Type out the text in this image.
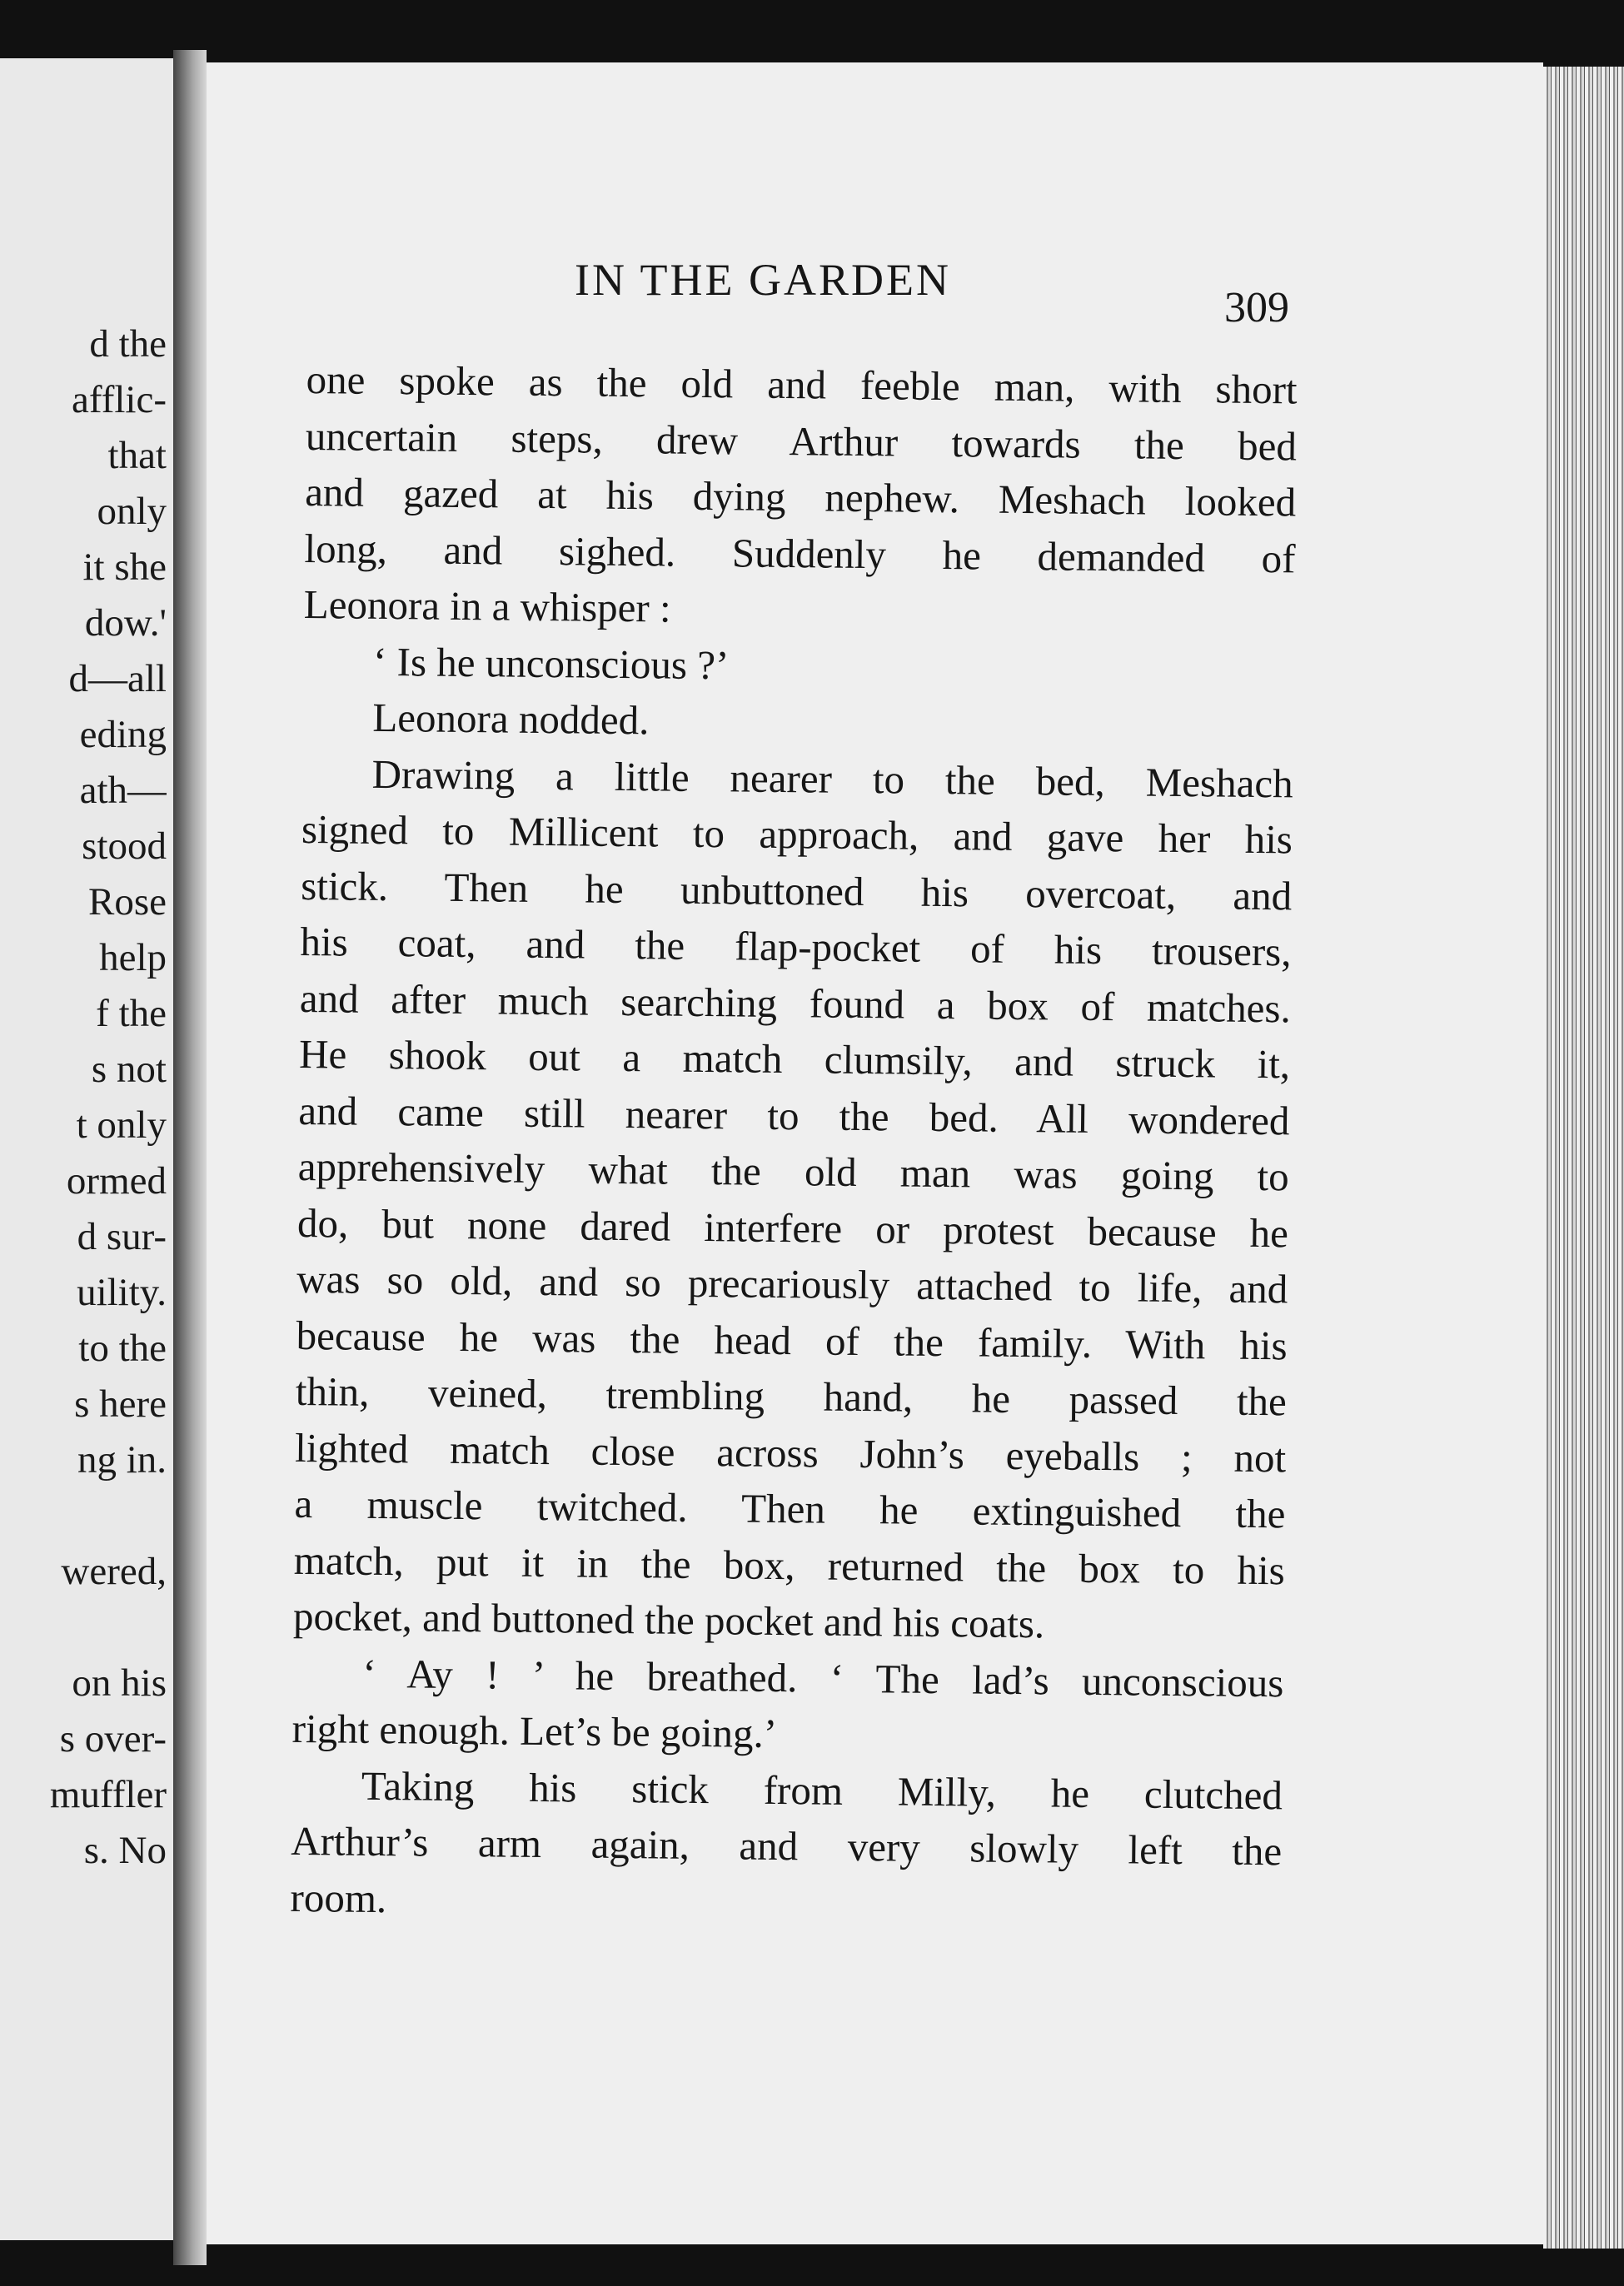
d the
afflic-
that
only
it she
dow.'
d—all
eding
ath—
stood
Rose
help
f the
s not
t only
ormed
d sur-
uility.
to the
s here
ng in.
wered,
on his
s over-
muffler
s. No
IN THE GARDEN
309
one spoke as the old and feeble man, with short
uncertain steps, drew Arthur towards the bed
and gazed at his dying nephew. Meshach looked
long, and sighed. Suddenly he demanded of
Leonora in a whisper :
‘ Is he unconscious ?’
Leonora nodded.
Drawing a little nearer to the bed, Meshach
signed to Millicent to approach, and gave her his
stick. Then he unbuttoned his overcoat, and
his coat, and the flap-pocket of his trousers,
and after much searching found a box of matches.
He shook out a match clumsily, and struck it,
and came still nearer to the bed. All wondered
apprehensively what the old man was going to
do, but none dared interfere or protest because he
was so old, and so precariously attached to life, and
because he was the head of the family. With his
thin, veined, trembling hand, he passed the
lighted match close across John’s eyeballs ; not
a muscle twitched. Then he extinguished the
match, put it in the box, returned the box to his
pocket, and buttoned the pocket and his coats.
‘ Ay ! ’ he breathed. ‘ The lad’s unconscious
right enough. Let’s be going.’
Taking his stick from Milly, he clutched
Arthur’s arm again, and very slowly left the
room.
